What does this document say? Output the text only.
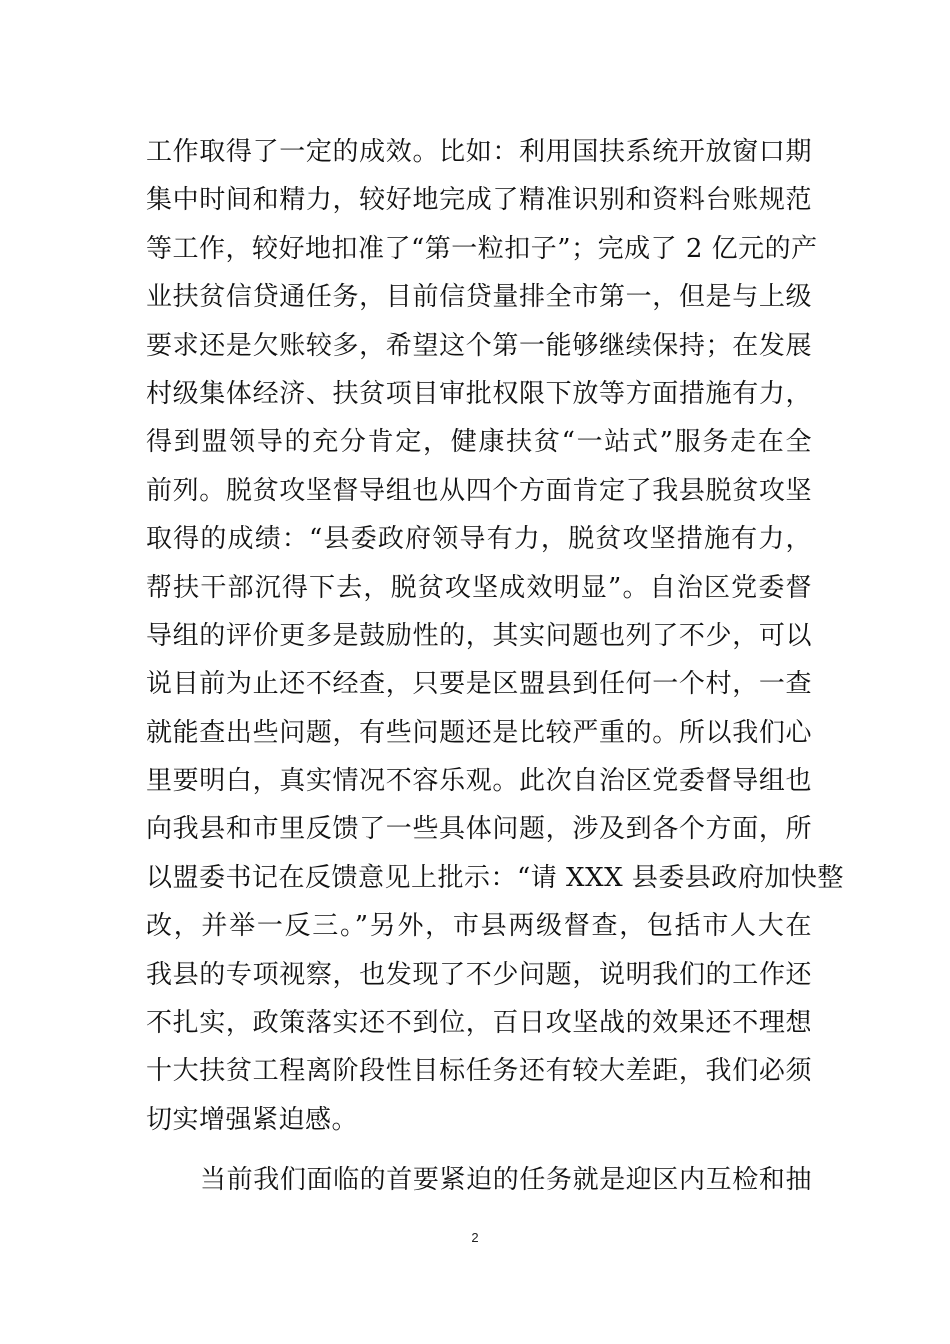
工作取得了一定的成效。比如：利用国扶系统开放窗口期
集中时间和精力，较好地完成了精准识别和资料台账规范
等工作，较好地扣准了“第一粒扣子”；完成了 2 亿元的产
业扶贫信贷通任务，目前信贷量排全市第一，但是与上级
要求还是欠账较多，希望这个第一能够继续保持；在发展
村级集体经济、扶贫项目审批权限下放等方面措施有力，
得到盟领导的充分肯定，健康扶贫“一站式”服务走在全
前列。脱贫攻坚督导组也从四个方面肯定了我县脱贫攻坚
取得的成绩：“县委政府领导有力，脱贫攻坚措施有力，
帮扶干部沉得下去，脱贫攻坚成效明显”。自治区党委督
导组的评价更多是鼓励性的，其实问题也列了不少，可以
说目前为止还不经查，只要是区盟县到任何一个村，一查
就能查出些问题，有些问题还是比较严重的。所以我们心
里要明白，真实情况不容乐观。此次自治区党委督导组也
向我县和市里反馈了一些具体问题，涉及到各个方面，所
以盟委书记在反馈意见上批示：“请 XXX 县委县政府加快整
改，并举一反三。”另外，市县两级督查，包括市人大在
我县的专项视察，也发现了不少问题，说明我们的工作还
不扎实，政策落实还不到位，百日攻坚战的效果还不理想
十大扶贫工程离阶段性目标任务还有较大差距，我们必须
切实增强紧迫感。
当前我们面临的首要紧迫的任务就是迎区内互检和抽
2
